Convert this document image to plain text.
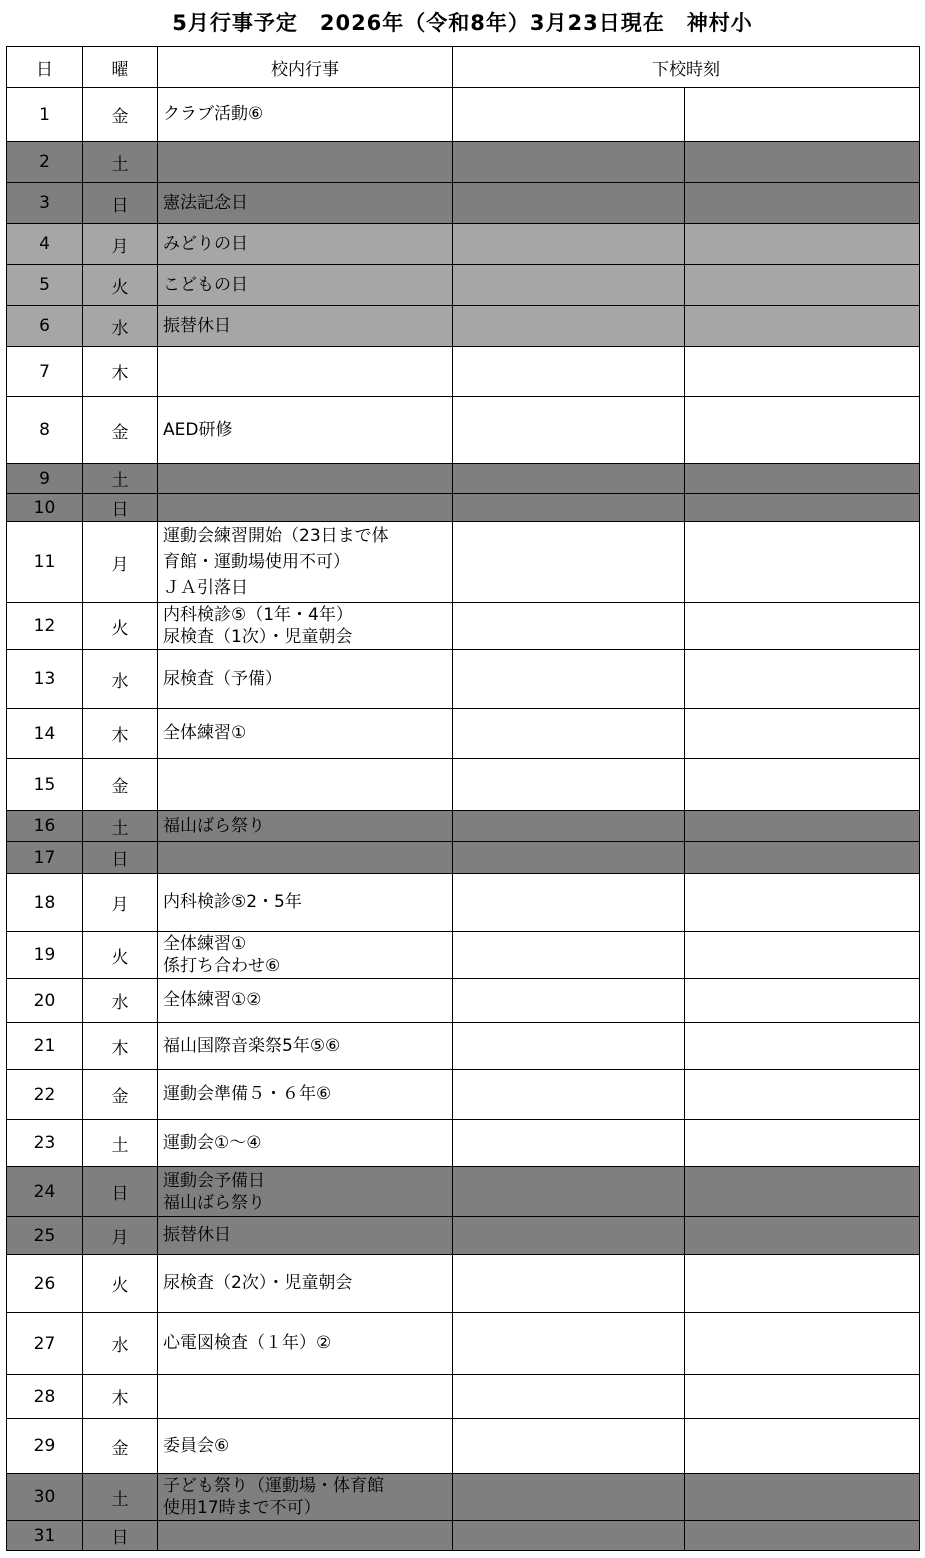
5月行事予定　2026年（令和8年）3月23日現在　神村小
日	曜	校内行事	下校時刻	
1	金	クラブ活動⑥		

2	土			
3	日	憲法記念日		

4	月	みどりの日		

5	火	こどもの日		

6	水	振替休日		

7	木			
8	金	AED研修		

9	土			
10	日			
11	月	運動会練習開始（23日まで体
育館・運動場使用不可）
ＪＡ引落日		

12	火	内科検診⑤（1年・4年）
尿検査（1次）・児童朝会		

13	水	尿検査（予備）		

14	木	全体練習①		

15	金			
16	土	福山ばら祭り		

17	日			
18	月	内科検診⑤2・5年		

19	火	全体練習①
係打ち合わせ⑥		

20	水	全体練習①②		

21	木	福山国際音楽祭5年⑤⑥		

22	金	運動会準備５・６年⑥		

23	土	運動会①～④		

24	日	運動会予備日
福山ばら祭り		

25	月	振替休日		

26	火	尿検査（2次）・児童朝会		

27	水	心電図検査（１年）②		

28	木			
29	金	委員会⑥		

30	土	子ども祭り（運動場・体育館
使用17時まで不可）		

31	日			
